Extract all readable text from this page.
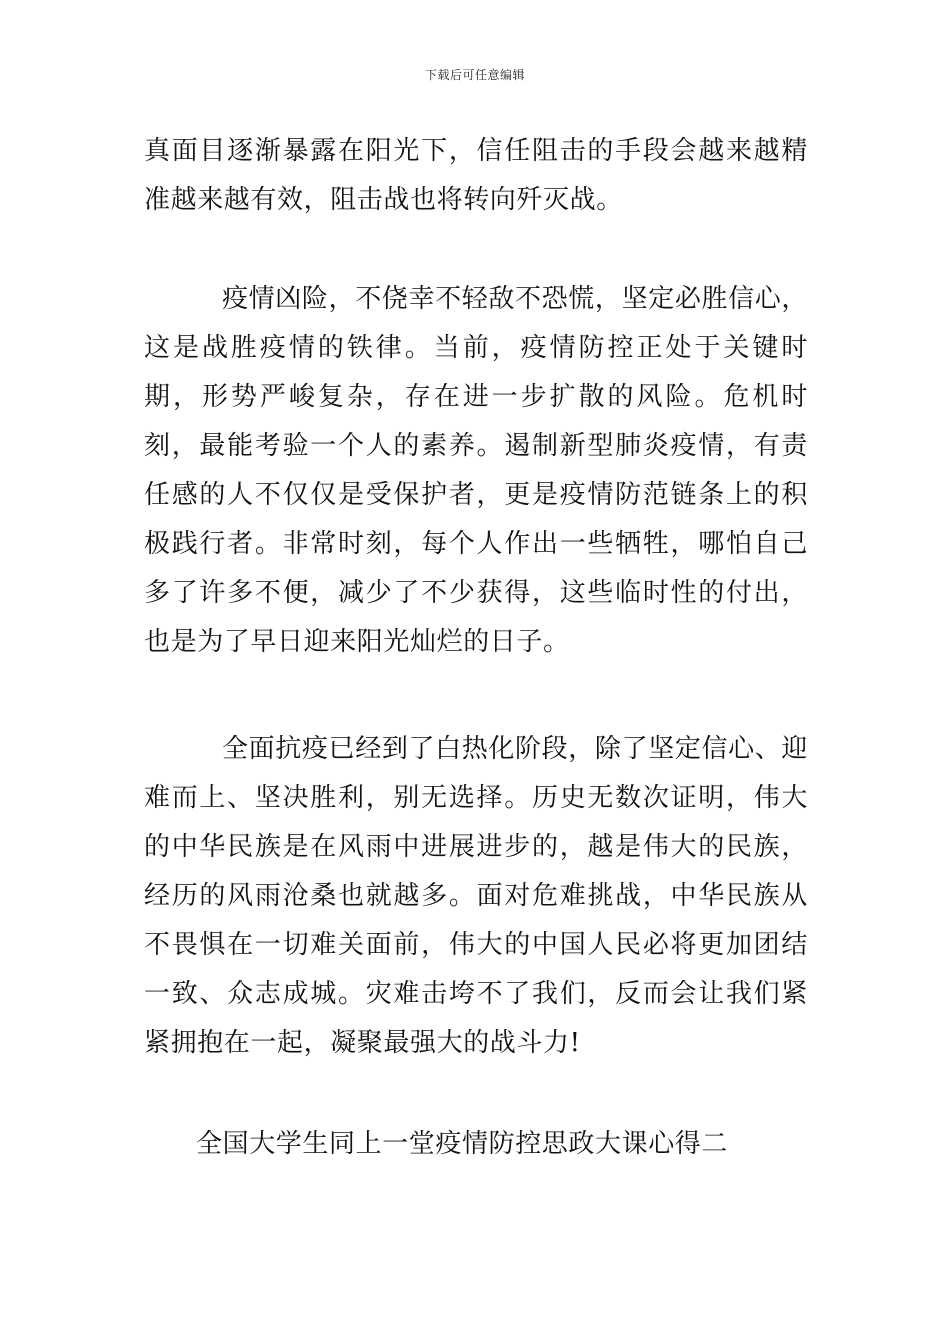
下载后可任意编辑

真面目逐渐暴露在阳光下，信任阻击的手段会越来越精准越来越有效，阻击战也将转向歼灭战。

疫情凶险，不侥幸不轻敌不恐慌，坚定必胜信心，这是战胜疫情的铁律。当前，疫情防控正处于关键时期，形势严峻复杂，存在进一步扩散的风险。危机时刻，最能考验一个人的素养。遏制新型肺炎疫情，有责任感的人不仅仅是受保护者，更是疫情防范链条上的积极践行者。非常时刻，每个人作出一些牺牲，哪怕自己多了许多不便，减少了不少获得，这些临时性的付出，也是为了早日迎来阳光灿烂的日子。

全面抗疫已经到了白热化阶段，除了坚定信心、迎难而上、坚决胜利，别无选择。历史无数次证明，伟大的中华民族是在风雨中进展进步的，越是伟大的民族，经历的风雨沧桑也就越多。面对危难挑战，中华民族从不畏惧在一切难关面前，伟大的中国人民必将更加团结一致、众志成城。灾难击垮不了我们，反而会让我们紧紧拥抱在一起，凝聚最强大的战斗力!

全国大学生同上一堂疫情防控思政大课心得二
